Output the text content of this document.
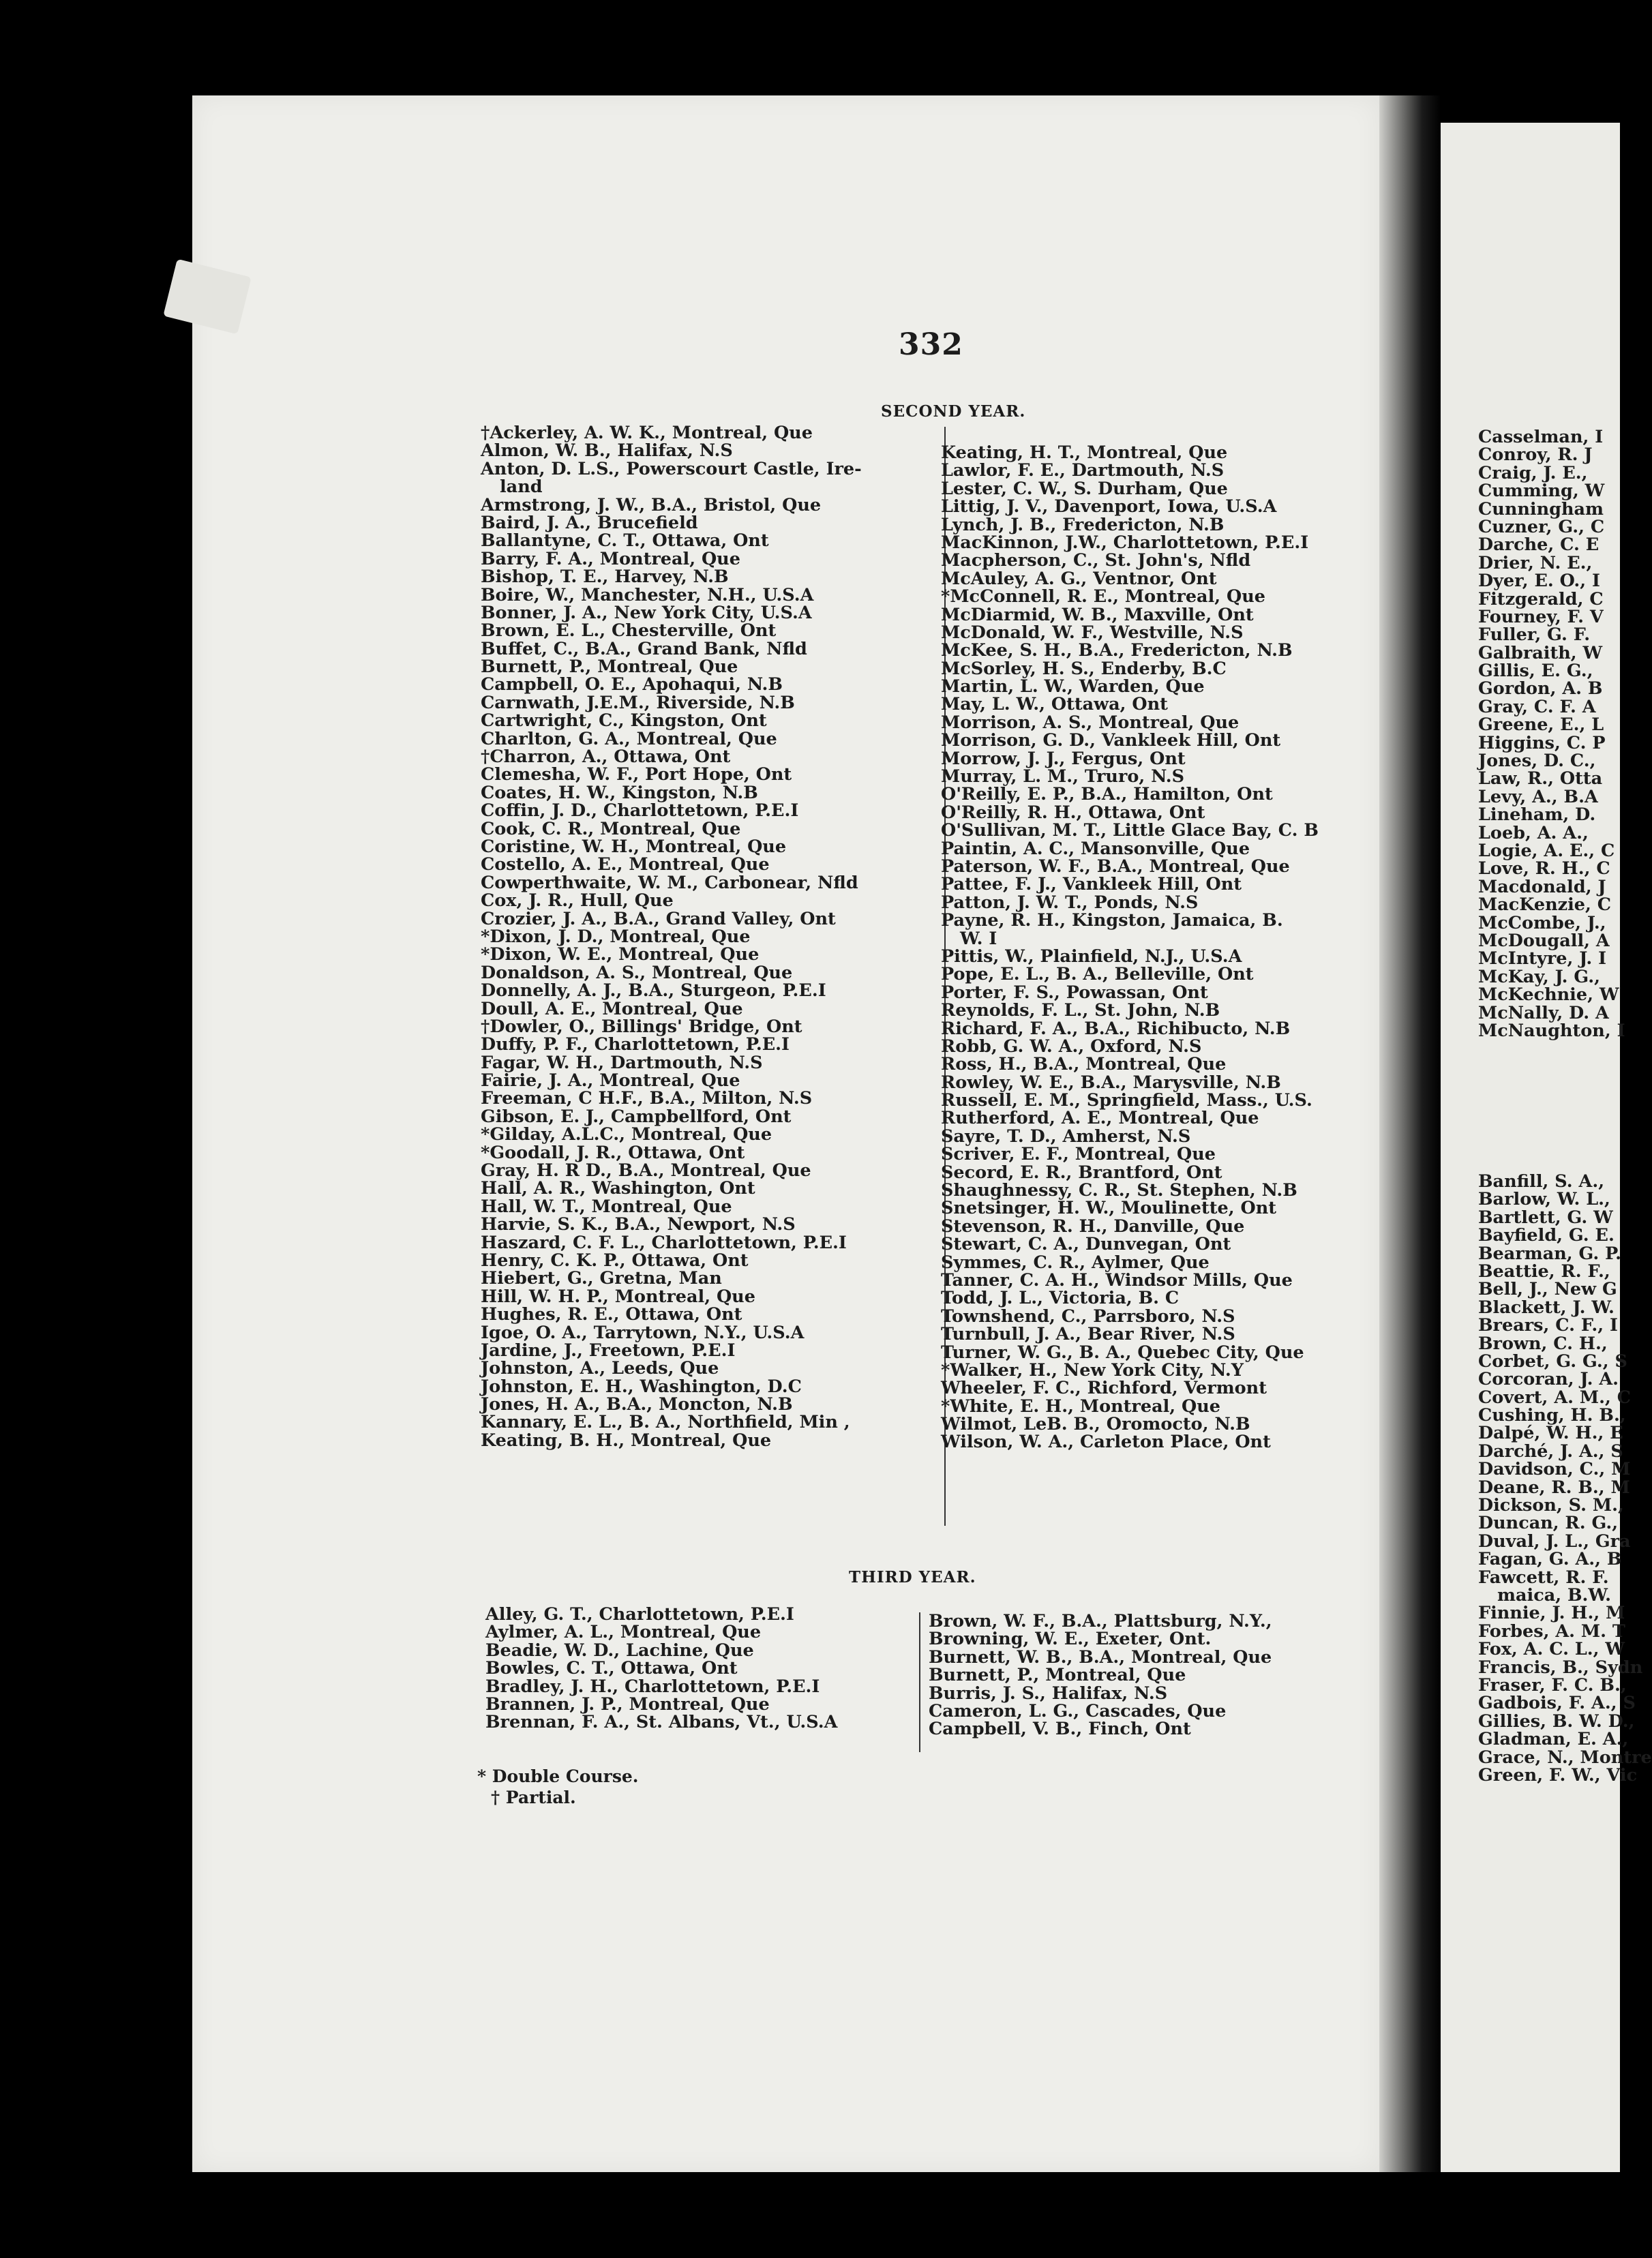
332
SECOND YEAR.
†Ackerley, A. W. K., Montreal, Que
Almon, W. B., Halifax, N.S
Anton, D. L.S., Powerscourt Castle, Ire-
land
Armstrong, J. W., B.A., Bristol, Que
Baird, J. A., Brucefield
Ballantyne, C. T., Ottawa, Ont
Barry, F. A., Montreal, Que
Bishop, T. E., Harvey, N.B
Boire, W., Manchester, N.H., U.S.A
Bonner, J. A., New York City, U.S.A
Brown, E. L., Chesterville, Ont
Buffet, C., B.A., Grand Bank, Nfld
Burnett, P., Montreal, Que
Campbell, O. E., Apohaqui, N.B
Carnwath, J.E.M., Riverside, N.B
Cartwright, C., Kingston, Ont
Charlton, G. A., Montreal, Que
†Charron, A., Ottawa, Ont
Clemesha, W. F., Port Hope, Ont
Coates, H. W., Kingston, N.B
Coffin, J. D., Charlottetown, P.E.I
Cook, C. R., Montreal, Que
Coristine, W. H., Montreal, Que
Costello, A. E., Montreal, Que
Cowperthwaite, W. M., Carbonear, Nfld
Cox, J. R., Hull, Que
Crozier, J. A., B.A., Grand Valley, Ont
*Dixon, J. D., Montreal, Que
*Dixon, W. E., Montreal, Que
Donaldson, A. S., Montreal, Que
Donnelly, A. J., B.A., Sturgeon, P.E.I
Doull, A. E., Montreal, Que
†Dowler, O., Billings' Bridge, Ont
Duffy, P. F., Charlottetown, P.E.I
Fagar, W. H., Dartmouth, N.S
Fairie, J. A., Montreal, Que
Freeman, C H.F., B.A., Milton, N.S
Gibson, E. J., Campbellford, Ont
*Gilday, A.L.C., Montreal, Que
*Goodall, J. R., Ottawa, Ont
Gray, H. R D., B.A., Montreal, Que
Hall, A. R., Washington, Ont
Hall, W. T., Montreal, Que
Harvie, S. K., B.A., Newport, N.S
Haszard, C. F. L., Charlottetown, P.E.I
Henry, C. K. P., Ottawa, Ont
Hiebert, G., Gretna, Man
Hill, W. H. P., Montreal, Que
Hughes, R. E., Ottawa, Ont
Igoe, O. A., Tarrytown, N.Y., U.S.A
Jardine, J., Freetown, P.E.I
Johnston, A., Leeds, Que
Johnston, E. H., Washington, D.C
Jones, H. A., B.A., Moncton, N.B
Kannary, E. L., B. A., Northfield, Min ,
Keating, B. H., Montreal, Que
Keating, H. T., Montreal, Que
Lawlor, F. E., Dartmouth, N.S
Lester, C. W., S. Durham, Que
Littig, J. V., Davenport, Iowa, U.S.A
Lynch, J. B., Fredericton, N.B
MacKinnon, J.W., Charlottetown, P.E.I
Macpherson, C., St. John's, Nfld
McAuley, A. G., Ventnor, Ont
*McConnell, R. E., Montreal, Que
McDiarmid, W. B., Maxville, Ont
McDonald, W. F., Westville, N.S
McKee, S. H., B.A., Fredericton, N.B
McSorley, H. S., Enderby, B.C
Martin, L. W., Warden, Que
May, L. W., Ottawa, Ont
Morrison, A. S., Montreal, Que
Morrison, G. D., Vankleek Hill, Ont
Morrow, J. J., Fergus, Ont
Murray, L. M., Truro, N.S
O'Reilly, E. P., B.A., Hamilton, Ont
O'Reilly, R. H., Ottawa, Ont
O'Sullivan, M. T., Little Glace Bay, C. B
Paintin, A. C., Mansonville, Que
Paterson, W. F., B.A., Montreal, Que
Pattee, F. J., Vankleek Hill, Ont
Patton, J. W. T., Ponds, N.S
Payne, R. H., Kingston, Jamaica, B.
W. I
Pittis, W., Plainfield, N.J., U.S.A
Pope, E. L., B. A., Belleville, Ont
Porter, F. S., Powassan, Ont
Reynolds, F. L., St. John, N.B
Richard, F. A., B.A., Richibucto, N.B
Robb, G. W. A., Oxford, N.S
Ross, H., B.A., Montreal, Que
Rowley, W. E., B.A., Marysville, N.B
Russell, E. M., Springfield, Mass., U.S.
Rutherford, A. E., Montreal, Que
Sayre, T. D., Amherst, N.S
Scriver, E. F., Montreal, Que
Secord, E. R., Brantford, Ont
Shaughnessy, C. R., St. Stephen, N.B
Snetsinger, H. W., Moulinette, Ont
Stevenson, R. H., Danville, Que
Stewart, C. A., Dunvegan, Ont
Symmes, C. R., Aylmer, Que
Tanner, C. A. H., Windsor Mills, Que
Todd, J. L., Victoria, B. C
Townshend, C., Parrsboro, N.S
Turnbull, J. A., Bear River, N.S
Turner, W. G., B. A., Quebec City, Que
*Walker, H., New York City, N.Y
Wheeler, F. C., Richford, Vermont
*White, E. H., Montreal, Que
Wilmot, LeB. B., Oromocto, N.B
Wilson, W. A., Carleton Place, Ont
THIRD YEAR.
Alley, G. T., Charlottetown, P.E.I
Aylmer, A. L., Montreal, Que
Beadie, W. D., Lachine, Que
Bowles, C. T., Ottawa, Ont
Bradley, J. H., Charlottetown, P.E.I
Brannen, J. P., Montreal, Que
Brennan, F. A., St. Albans, Vt., U.S.A
Brown, W. F., B.A., Plattsburg, N.Y.,
Browning, W. E., Exeter, Ont.
Burnett, W. B., B.A., Montreal, Que
Burnett, P., Montreal, Que
Burris, J. S., Halifax, N.S
Cameron, L. G., Cascades, Que
Campbell, V. B., Finch, Ont
* Double Course.
† Partial.
Casselman, I
Conroy, R. J
Craig, J. E.,
Cumming, W
Cunningham
Cuzner, G., C
Darche, C. E
Drier, N. E.,
Dyer, E. O., I
Fitzgerald, C
Fourney, F. V
Fuller, G. F.
Galbraith, W
Gillis, E. G.,
Gordon, A. B
Gray, C. F. A
Greene, E., L
Higgins, C. P
Jones, D. C.,
Law, R., Otta
Levy, A., B.A
Lineham, D.
Loeb, A. A.,
Logie, A. E., C
Love, R. H., C
Macdonald, J
MacKenzie, C
McCombe, J.,
McDougall, A
McIntyre, J. I
McKay, J. G.,
McKechnie, W
McNally, D. A
McNaughton, I
Banfill, S. A.,
Barlow, W. L.,
Bartlett, G. W
Bayfield, G. E.
Bearman, G. P.
Beattie, R. F.,
Bell, J., New G
Blackett, J. W.
Brears, C. F., I
Brown, C. H.,
Corbet, G. G., S
Corcoran, J. A.
Covert, A. M., C
Cushing, H. B.,
Dalpé, W. H., E
Darché, J. A., S
Davidson, C., M
Deane, R. B., M
Dickson, S. M.,
Duncan, R. G.,
Duval, J. L., Gra
Fagan, G. A., B
Fawcett, R. F.
maica, B.W.
Finnie, J. H., M
Forbes, A. M. T
Fox, A. C. L., W
Francis, B., Sydn
Fraser, F. C. B.,
Gadbois, F. A., S
Gillies, B. W. D.,
Gladman, E. A.,
Grace, N., Montre
Green, F. W., Vic
